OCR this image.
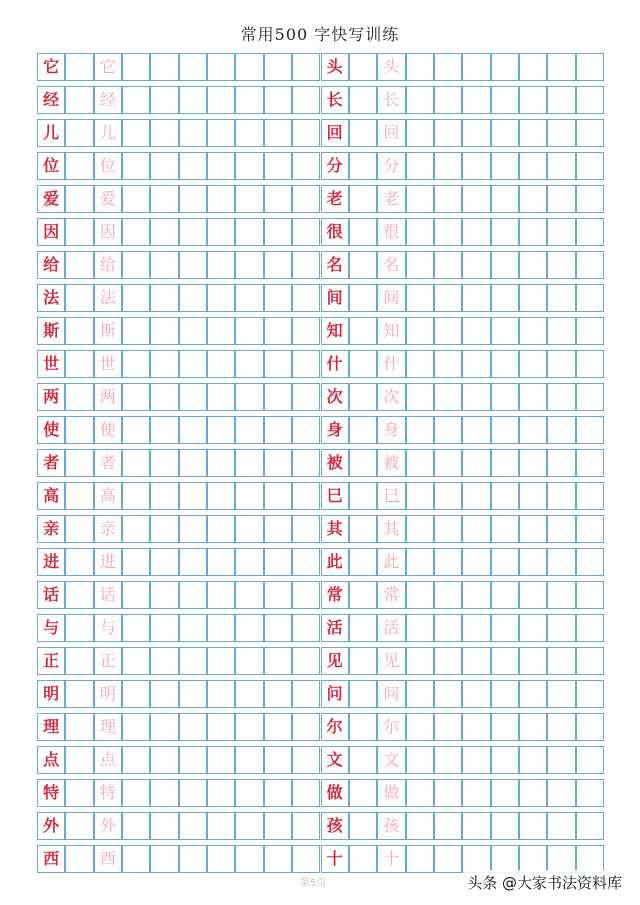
常用500 字快写训练
它	它	头	头
经	经	长	长
儿	儿	回	回
位	位	分	分
爱	爱	老	老
因	因	很	很
给	给	名	名
法	法	间	间
斯	斯	知	知
世	世	什	什
两	两	次	次
使	使	身	身
者	者	被	被
高	高	巳	巳
亲	亲	其	其
进	进	此	此
话	话	常	常
与	与	活	活
正	正	见	见
明	明	问	问
理	理	尔	尔
点	点	文	文
特	特	做	做
外	外	孩	孩
西	西	十	十
第5页	头条 @大家书法资料库
